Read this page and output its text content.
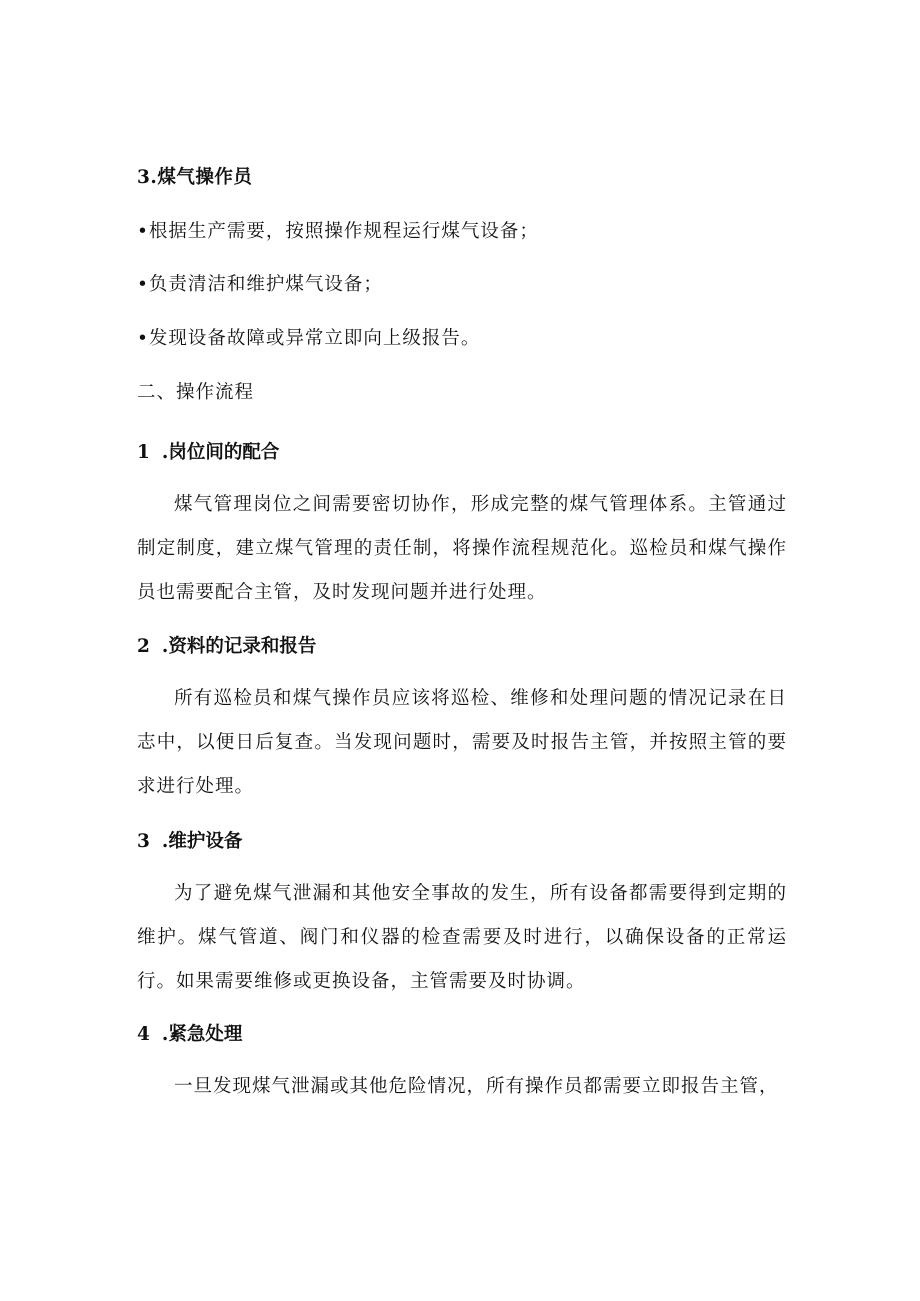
3.煤气操作员

•根据生产需要，按照操作规程运行煤气设备；

•负责清洁和维护煤气设备；

•发现设备故障或异常立即向上级报告。

二、操作流程

1 .岗位间的配合

煤气管理岗位之间需要密切协作，形成完整的煤气管理体系。主管通过制定制度，建立煤气管理的责任制，将操作流程规范化。巡检员和煤气操作员也需要配合主管，及时发现问题并进行处理。

2 .资料的记录和报告

所有巡检员和煤气操作员应该将巡检、维修和处理问题的情况记录在日志中，以便日后复查。当发现问题时，需要及时报告主管，并按照主管的要求进行处理。

3 .维护设备

为了避免煤气泄漏和其他安全事故的发生，所有设备都需要得到定期的维护。煤气管道、阀门和仪器的检查需要及时进行，以确保设备的正常运行。如果需要维修或更换设备，主管需要及时协调。

4 .紧急处理

一旦发现煤气泄漏或其他危险情况，所有操作员都需要立即报告主管，
